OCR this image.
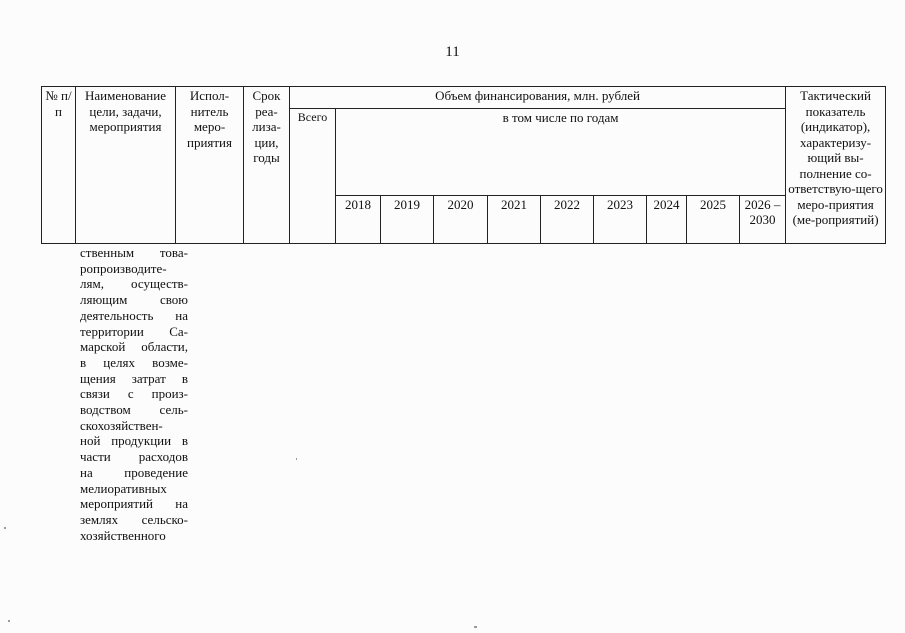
11
№ п/п	Наименование цели, задачи, мероприятия	Испол-нитель меро-приятия	Срок реа-лиза-ции, годы	Объем финансирования, млн. рублей										Тактический показатель (индикатор), характеризу-ющий вы-полнение со-ответствую-щего меро-приятия (ме-роприятий)
				Всего	в том числе по годам									
					2018	2019	2020	2021	2022	2023	2024	2025	2026 – 2030	
ственным това-
ропроизводите-
лям, осуществ-
ляющим свою
деятельность на
территории Са-
марской области,
в целях возме-
щения затрат в
связи с произ-
водством сель-
скохозяйствен-
ной продукции в
части расходов
на проведение
мелиоративных
мероприятий на
землях сельско-
хозяйственного
